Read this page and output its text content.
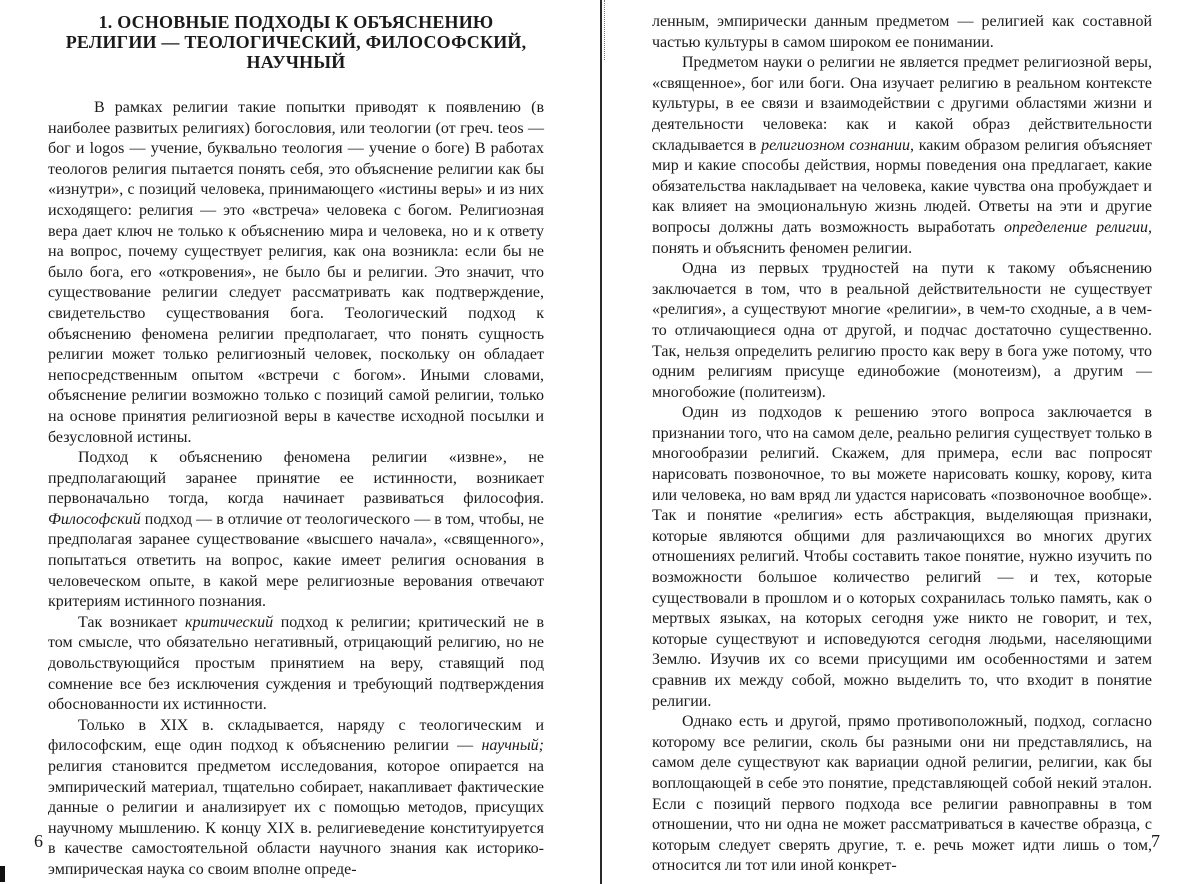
1. ОСНОВНЫЕ ПОДХОДЫ К ОБЪЯСНЕНИЮ
РЕЛИГИИ — ТЕОЛОГИЧЕСКИЙ, ФИЛОСОФСКИЙ,
НАУЧНЫЙ

В рамках религии такие попытки приводят к появлению (в наиболее развитых религиях) богословия, или теологии (от греч. teos — бог и logos — учение, буквально теология — учение о боге) В работах теологов религия пытается понять себя, это объяснение религии как бы «изнутри», с позиций человека, принимающего «истины веры» и из них исходящего: религия — это «встреча» человека с богом. Религиозная вера дает ключ не только к объяснению мира и человека, но и к ответу на вопрос, почему существует религия, как она возникла: если бы не было бога, его «откровения», не было бы и религии. Это значит, что существование религии следует рассматривать как подтверждение, свидетельство существования бога. Теологический подход к объяснению феномена религии предполагает, что понять сущность религии может только религиозный человек, поскольку он обладает непосредственным опытом «встречи с богом». Иными словами, объяснение религии возможно только с позиций самой религии, только на основе принятия религиозной веры в качестве исходной посылки и безусловной истины.

Подход к объяснению феномена религии «извне», не предполагающий заранее принятие ее истинности, возникает первоначально тогда, когда начинает развиваться философия. Философский подход — в отличие от теологического — в том, чтобы, не предполагая заранее существование «высшего начала», «священного», попытаться ответить на вопрос, какие имеет религия основания в человеческом опыте, в какой мере религиозные верования отвечают критериям истинного познания.

Так возникает критический подход к религии; критический не в том смысле, что обязательно негативный, отрицающий религию, но не довольствующийся простым принятием на веру, ставящий под сомнение все без исключения суждения и требующий подтверждения обоснованности их истинности.

Только в XIX в. складывается, наряду с теологическим и философским, еще один подход к объяснению религии — научный; религия становится предметом исследования, которое опирается на эмпирический материал, тщательно собирает, накапливает фактические данные о религии и анализирует их с помощью методов, присущих научному мышлению. К концу XIX в. религиеведение конституируется в качестве самостоятельной области научного знания как историко-эмпирическая наука со своим вполне опреде-

6

ленным, эмпирически данным предметом — религией как составной частью культуры в самом широком ее понимании.

Предметом науки о религии не является предмет религиозной веры, «священное», бог или боги. Она изучает религию в реальном контексте культуры, в ее связи и взаимодействии с другими областями жизни и деятельности человека: как и какой образ действительности складывается в религиозном сознании, каким образом религия объясняет мир и какие способы действия, нормы поведения она предлагает, какие обязательства накладывает на человека, какие чувства она пробуждает и как влияет на эмоциональную жизнь людей. Ответы на эти и другие вопросы должны дать возможность выработать определение религии, понять и объяснить феномен религии.

Одна из первых трудностей на пути к такому объяснению заключается в том, что в реальной действительности не существует «религия», а существуют многие «религии», в чем-то сходные, а в чем-то отличающиеся одна от другой, и подчас достаточно существенно. Так, нельзя определить религию просто как веру в бога уже потому, что одним религиям присуще единобожие (монотеизм), а другим — многобожие (политеизм).

Один из подходов к решению этого вопроса заключается в признании того, что на самом деле, реально религия существует только в многообразии религий. Скажем, для примера, если вас попросят нарисовать позвоночное, то вы можете нарисовать кошку, корову, кита или человека, но вам вряд ли удастся нарисовать «позвоночное вообще». Так и понятие «религия» есть абстракция, выделяющая признаки, которые являются общими для различающихся во многих других отношениях религий. Чтобы составить такое понятие, нужно изучить по возможности большое количество религий — и тех, которые существовали в прошлом и о которых сохранилась только память, как о мертвых языках, на которых сегодня уже никто не говорит, и тех, которые существуют и исповедуются сегодня людьми, населяющими Землю. Изучив их со всеми присущими им особенностями и затем сравнив их между собой, можно выделить то, что входит в понятие религии.

Однако есть и другой, прямо противоположный, подход, согласно которому все религии, сколь бы разными они ни представлялись, на самом деле существуют как вариации одной религии, религии, как бы воплощающей в себе это понятие, представляющей собой некий эталон. Если с позиций первого подхода все религии равноправны в том отношении, что ни одна не может рассматриваться в качестве образца, с которым следует сверять другие, т. е. речь может идти лишь о том, относится ли тот или иной конкрет-

7
